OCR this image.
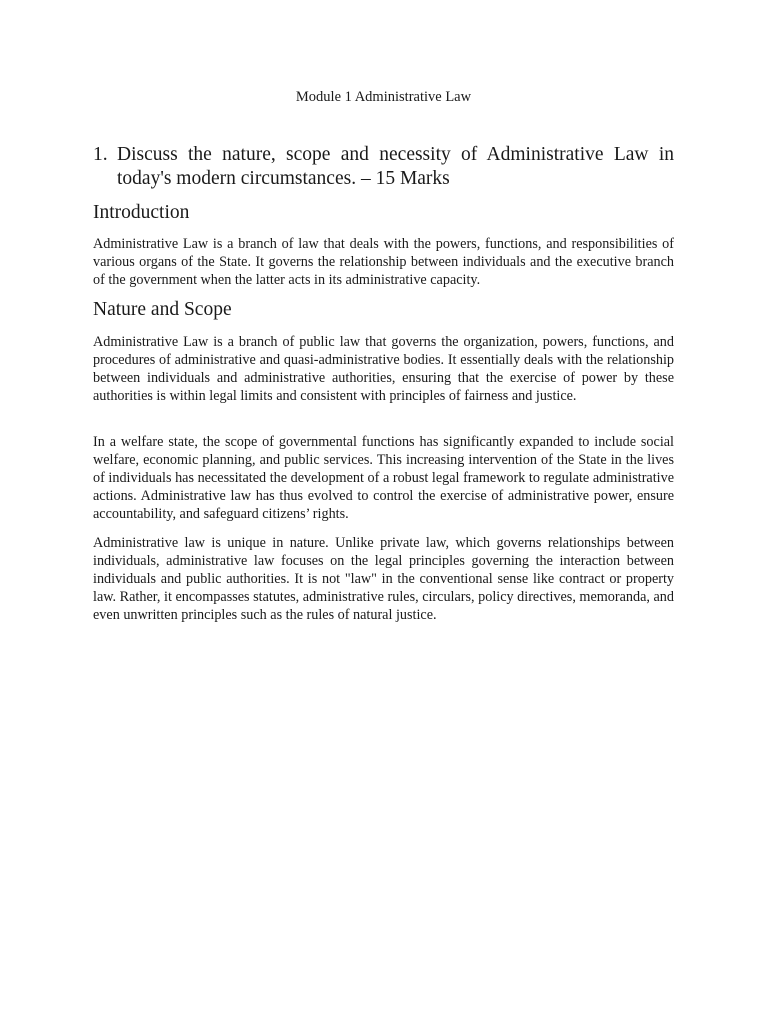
Module 1 Administrative Law
1. Discuss the nature, scope and necessity of Administrative Law in today's modern circumstances. – 15 Marks
Introduction

Administrative Law is a branch of law that deals with the powers, functions, and responsibilities of various organs of the State. It governs the relationship between individuals and the executive branch of the government when the latter acts in its administrative capacity.

Nature and Scope

Administrative Law is a branch of public law that governs the organization, powers, functions, and procedures of administrative and quasi-administrative bodies. It essentially deals with the relationship between individuals and administrative authorities, ensuring that the exercise of power by these authorities is within legal limits and consistent with principles of fairness and justice.

In a welfare state, the scope of governmental functions has significantly expanded to include social welfare, economic planning, and public services. This increasing intervention of the State in the lives of individuals has necessitated the development of a robust legal framework to regulate administrative actions. Administrative law has thus evolved to control the exercise of administrative power, ensure accountability, and safeguard citizens’ rights.

Administrative law is unique in nature. Unlike private law, which governs relationships between individuals, administrative law focuses on the legal principles governing the interaction between individuals and public authorities. It is not "law" in the conventional sense like contract or property law. Rather, it encompasses statutes, administrative rules, circulars, policy directives, memoranda, and even unwritten principles such as the rules of natural justice.
